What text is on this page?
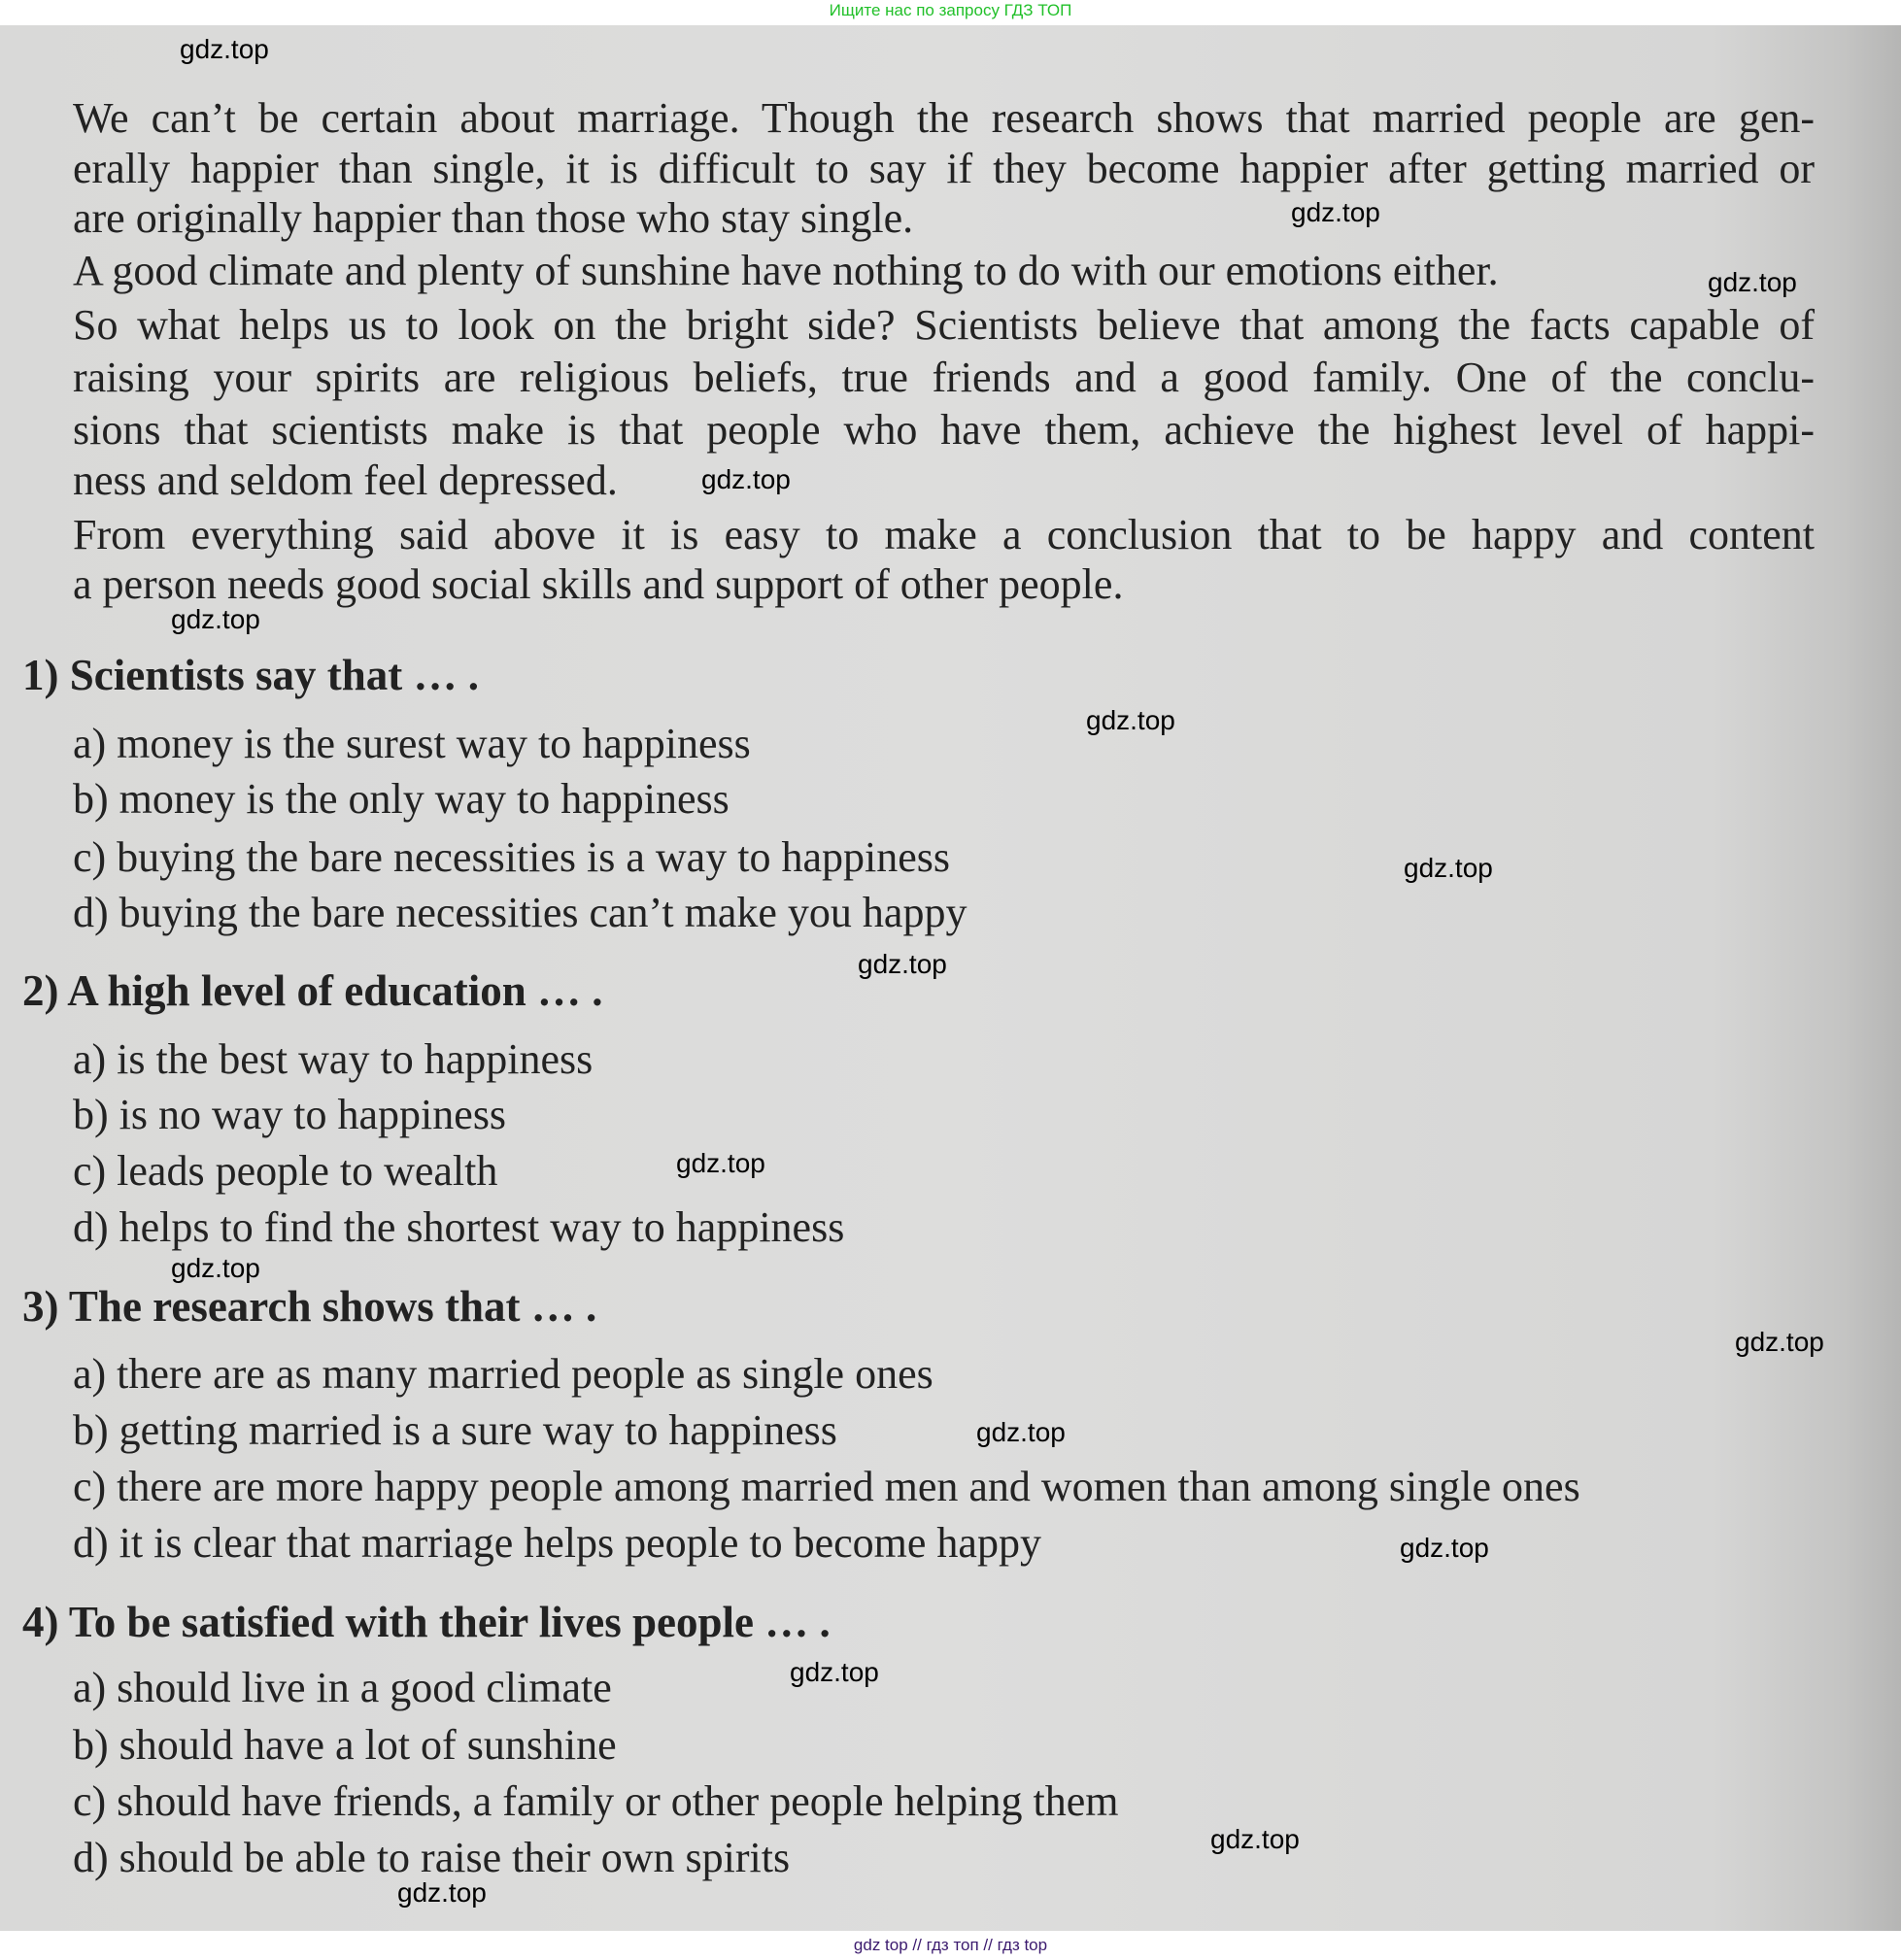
Ищите нас по запросу ГДЗ ТОП
We can’t be certain about marriage. Though the research shows that married people are gen-
erally happier than single, it is difficult to say if they become happier after getting married or
are originally happier than those who stay single.
A good climate and plenty of sunshine have nothing to do with our emotions either.
So what helps us to look on the bright side? Scientists believe that among the facts capable of
raising your spirits are religious beliefs, true friends and a good family. One of the conclu-
sions that scientists make is that people who have them, achieve the highest level of happi-
ness and seldom feel depressed.
From everything said above it is easy to make a conclusion that to be happy and content
a person needs good social skills and support of other people.
1) Scientists say that … .
a) money is the surest way to happiness
b) money is the only way to happiness
c) buying the bare necessities is a way to happiness
d) buying the bare necessities can’t make you happy
2) A high level of education … .
a) is the best way to happiness
b) is no way to happiness
c) leads people to wealth
d) helps to find the shortest way to happiness
3) The research shows that … .
a) there are as many married people as single ones
b) getting married is a sure way to happiness
c) there are more happy people among married men and women than among single ones
d) it is clear that marriage helps people to become happy
4) To be satisfied with their lives people … .
a) should live in a good climate
b) should have a lot of sunshine
c) should have friends, a family or other people helping them
d) should be able to raise their own spirits
gdz.top
gdz.top
gdz.top
gdz.top
gdz.top
gdz.top
gdz.top
gdz.top
gdz.top
gdz.top
gdz.top
gdz.top
gdz.top
gdz.top
gdz.top
gdz.top
gdz top // гдз топ // гдз top
